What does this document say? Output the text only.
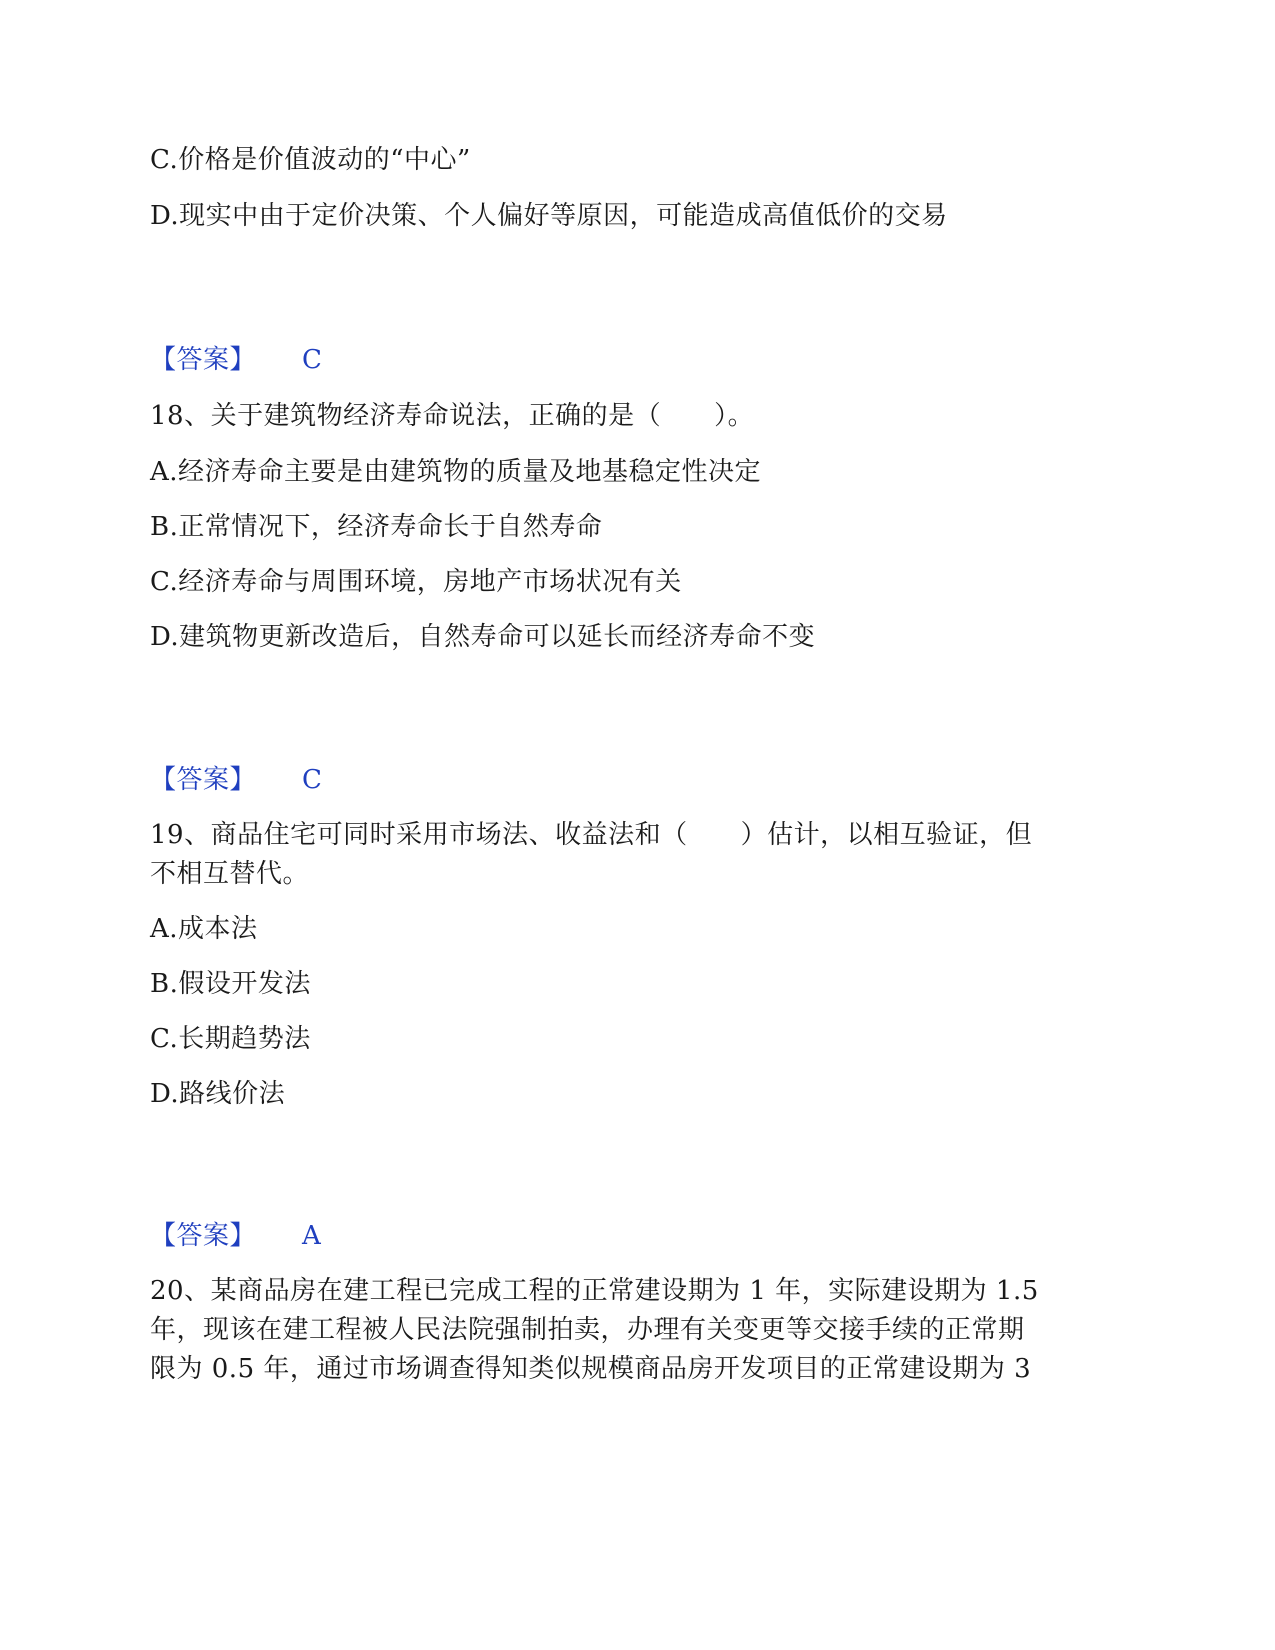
C.价格是价值波动的“中心”
D.现实中由于定价决策、个人偏好等原因，可能造成高值低价的交易
【答案】 C
18、关于建筑物经济寿命说法，正确的是（　　）。
A.经济寿命主要是由建筑物的质量及地基稳定性决定
B.正常情况下，经济寿命长于自然寿命
C.经济寿命与周围环境，房地产市场状况有关
D.建筑物更新改造后，自然寿命可以延长而经济寿命不变
【答案】 C
19、商品住宅可同时采用市场法、收益法和（　　）估计，以相互验证，但
不相互替代。
A.成本法
B.假设开发法
C.长期趋势法
D.路线价法
【答案】 A
20、某商品房在建工程已完成工程的正常建设期为 1 年，实际建设期为 1.5
年，现该在建工程被人民法院强制拍卖，办理有关变更等交接手续的正常期
限为 0.5 年，通过市场调查得知类似规模商品房开发项目的正常建设期为 3
